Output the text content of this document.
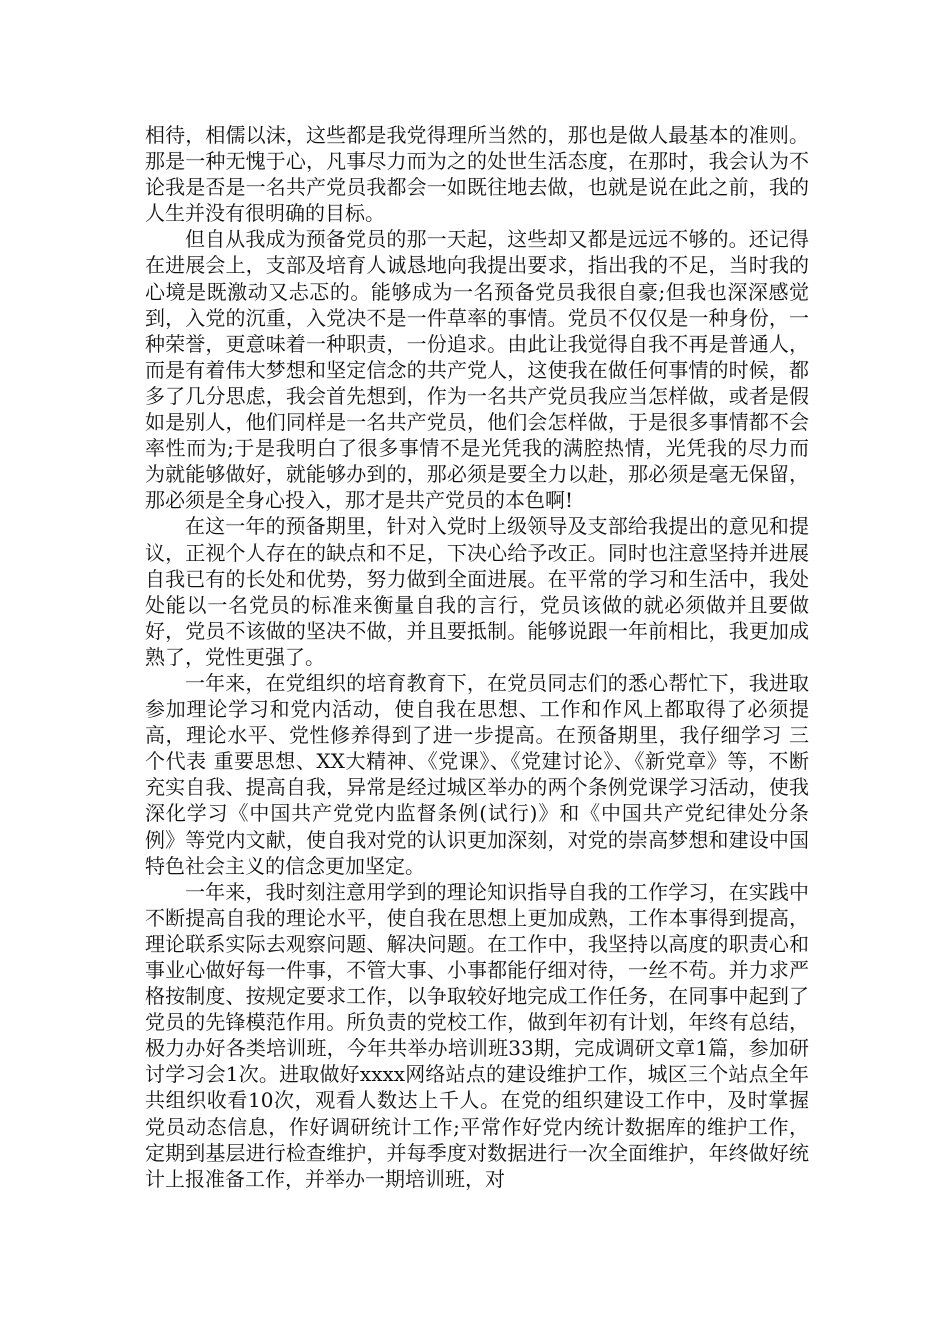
相待，相儒以沫，这些都是我党得理所当然的，那也是做人最基本的准则。那是一种无愧于心，凡事尽力而为之的处世生活态度，在那时，我会认为不论我是否是一名共产党员我都会一如既往地去做，也就是说在此之前，我的人生并没有很明确的目标。

但自从我成为预备党员的那一天起，这些却又都是远远不够的。还记得在进展会上，支部及培育人诚恳地向我提出要求，指出我的不足，当时我的心境是既激动又忐忑的。能够成为一名预备党员我很自豪;但我也深深感觉到，入党的沉重，入党决不是一件草率的事情。党员不仅仅是一种身份，一种荣誉，更意味着一种职责，一份追求。由此让我觉得自我不再是普通人，而是有着伟大梦想和坚定信念的共产党人，这使我在做任何事情的时候，都多了几分思虑，我会首先想到，作为一名共产党员我应当怎样做，或者是假如是别人，他们同样是一名共产党员，他们会怎样做，于是很多事情都不会率性而为;于是我明白了很多事情不是光凭我的满腔热情，光凭我的尽力而为就能够做好，就能够办到的，那必须是要全力以赴，那必须是毫无保留，那必须是全身心投入，那才是共产党员的本色啊!

在这一年的预备期里，针对入党时上级领导及支部给我提出的意见和提议，正视个人存在的缺点和不足，下决心给予改正。同时也注意坚持并进展自我已有的长处和优势，努力做到全面进展。在平常的学习和生活中，我处处能以一名党员的标准来衡量自我的言行，党员该做的就必须做并且要做好，党员不该做的坚决不做，并且要抵制。能够说跟一年前相比，我更加成熟了，党性更强了。

一年来，在党组织的培育教育下，在党员同志们的悉心帮忙下，我进取参加理论学习和党内活动，使自我在思想、工作和作风上都取得了必须提高，理论水平、党性修养得到了进一步提高。在预备期里，我仔细学习 三个代表 重要思想、XX大精神、《党课》、《党建讨论》、《新党章》等，不断充实自我、提高自我，异常是经过城区举办的两个条例党课学习活动，使我深化学习《中国共产党党内监督条例(试行)》和《中国共产党纪律处分条例》等党内文献，使自我对党的认识更加深刻，对党的崇高梦想和建设中国特色社会主义的信念更加坚定。

一年来，我时刻注意用学到的理论知识指导自我的工作学习，在实践中不断提高自我的理论水平，使自我在思想上更加成熟，工作本事得到提高，理论联系实际去观察问题、解决问题。在工作中，我坚持以高度的职责心和事业心做好每一件事，不管大事、小事都能仔细对待，一丝不苟。并力求严格按制度、按规定要求工作，以争取较好地完成工作任务，在同事中起到了党员的先锋模范作用。所负责的党校工作，做到年初有计划，年终有总结，极力办好各类培训班，今年共举办培训班33期，完成调研文章1篇，参加研讨学习会1次。进取做好xxxx网络站点的建设维护工作，城区三个站点全年共组织收看10次，观看人数达上千人。在党的组织建设工作中，及时掌握党员动态信息，作好调研统计工作;平常作好党内统计数据库的维护工作，定期到基层进行检查维护，并每季度对数据进行一次全面维护，年终做好统计上报准备工作，并举办一期培训班，对
